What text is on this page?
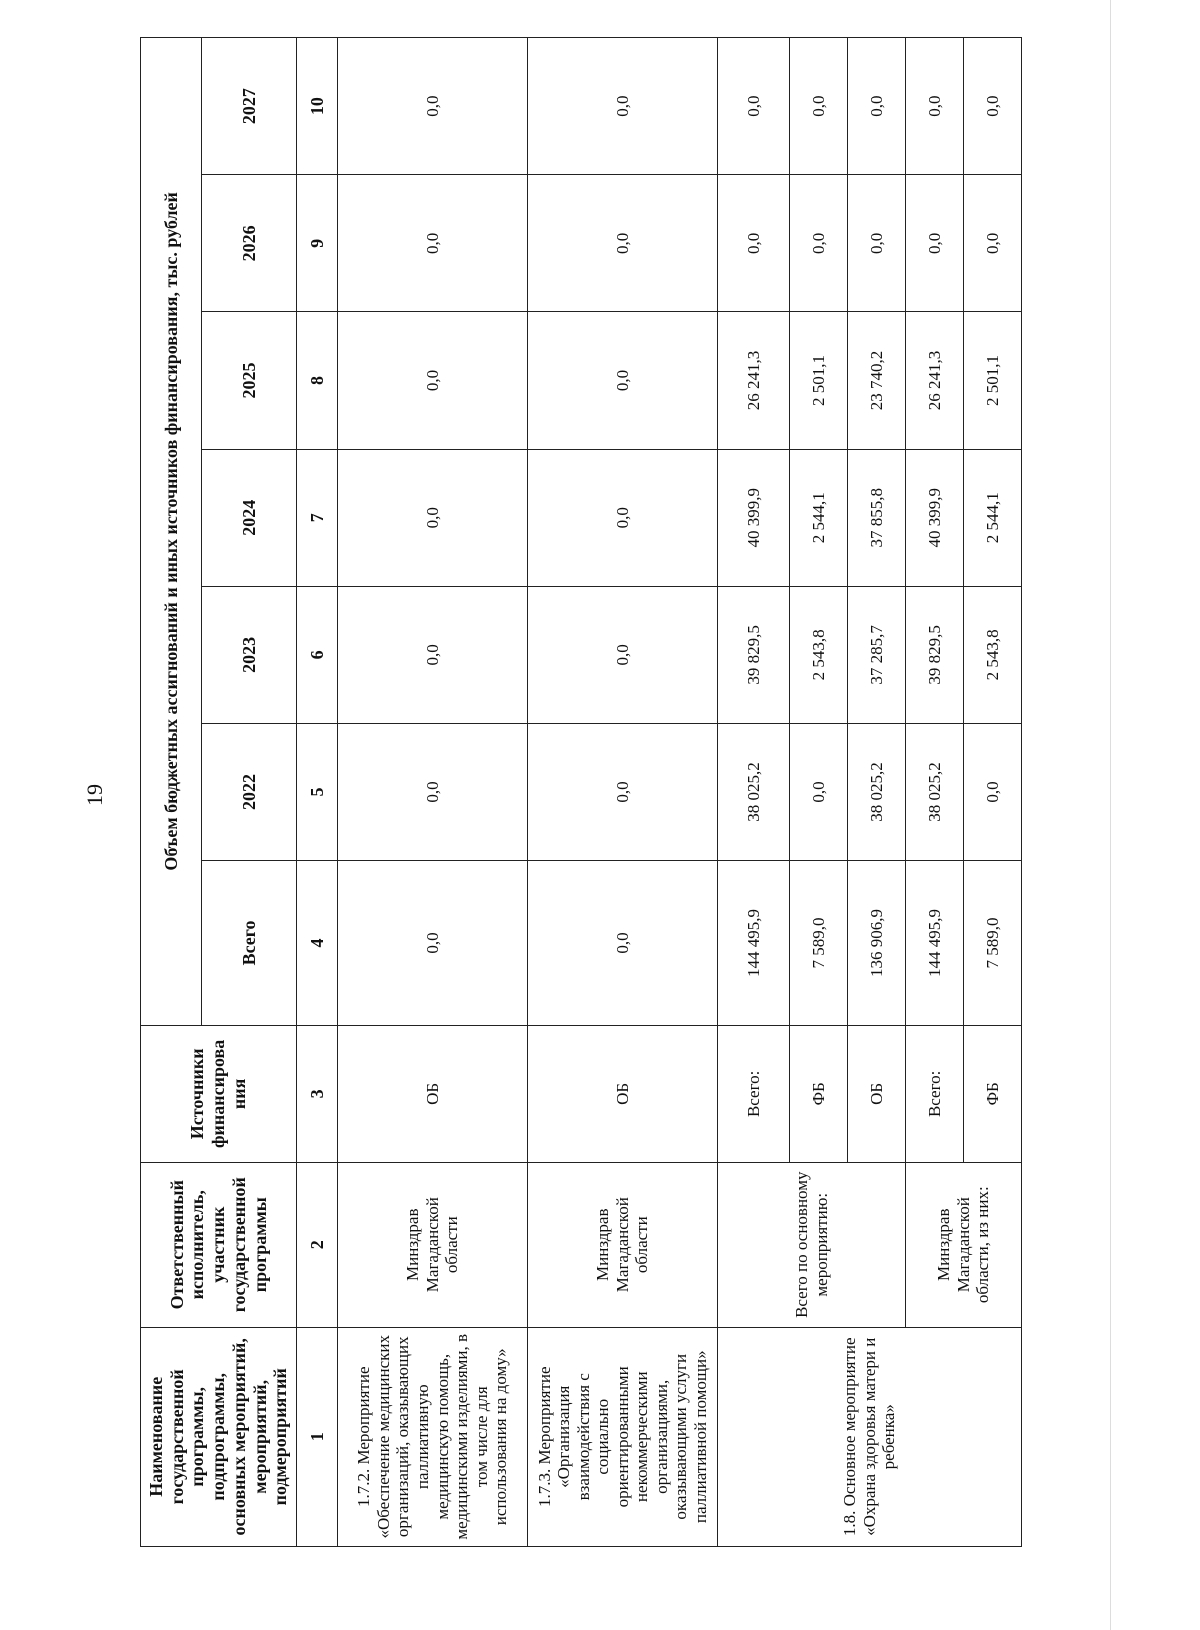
19
Наименование государственной программы, подпрограммы, основных мероприятий, мероприятий, подмероприятий	Ответственный исполнитель, участник государственной программы	Источники финансирова ния	Объем бюджетных ассигнований и иных источников финансирования, тыс. рублей						
			Всего	2022	2023	2024	2025	2026	2027
1	2	3	4	5	6	7	8	9	10
1.7.2. Мероприятие «Обеспечение медицинских организаций, оказывающих паллиативную медицинскую помощь, медицинскими изделиями, в том числе для использования на дому»	Минздрав Магаданской области	ОБ	0,0	0,0	0,0	0,0	0,0	0,0	0,0
1.7.3. Мероприятие «Организация взаимодействия с социально ориентированными некоммерческими организациями, оказывающими услуги паллиативной помощи»	Минздрав Магаданской области	ОБ	0,0	0,0	0,0	0,0	0,0	0,0	0,0
1.8. Основное мероприятие «Охрана здоровья матери и ребенка»	Всего по основному мероприятию:	Всего:	144 495,9	38 025,2	39 829,5	40 399,9	26 241,3	0,0	0,0
		ФБ	7 589,0	0,0	2 543,8	2 544,1	2 501,1	0,0	0,0
		ОБ	136 906,9	38 025,2	37 285,7	37 855,8	23 740,2	0,0	0,0
	Минздрав Магаданской области, из них:	Всего:	144 495,9	38 025,2	39 829,5	40 399,9	26 241,3	0,0	0,0
		ФБ	7 589,0	0,0	2 543,8	2 544,1	2 501,1	0,0	0,0
